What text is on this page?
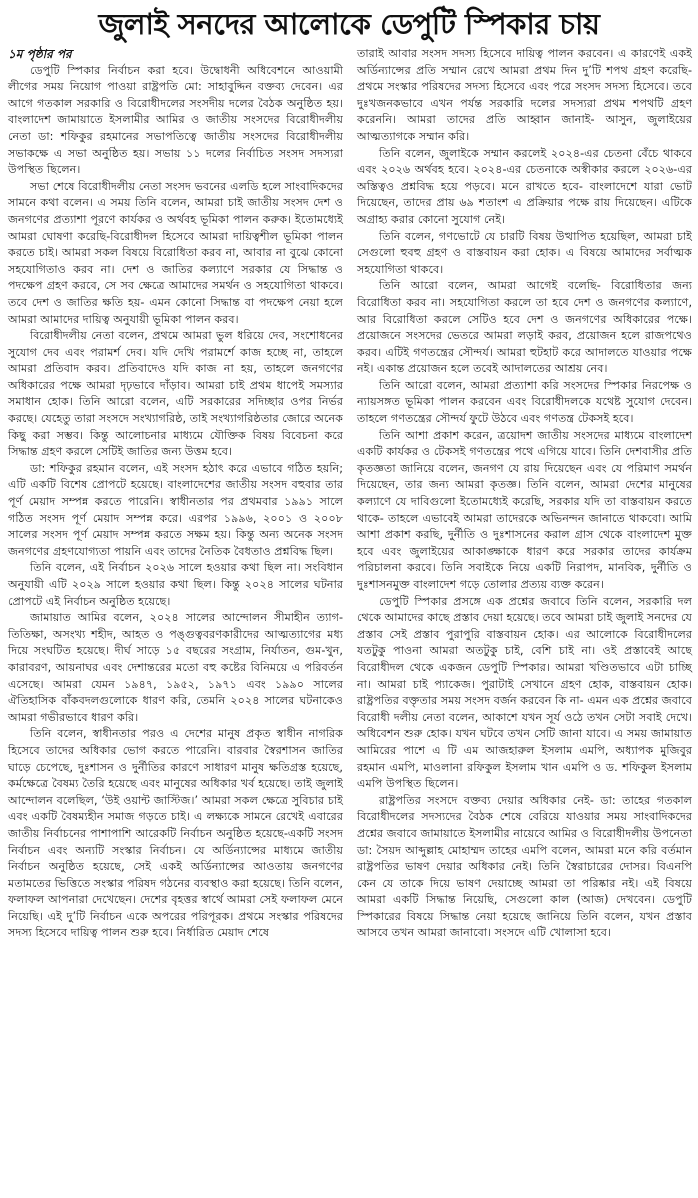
জুলাই সনদের আলোকে ডেপুটি স্পিকার চায়
১ম পৃষ্ঠার পর

ডেপুটি স্পিকার নির্বাচন করা হবে। উদ্বোধনী অধিবেশনে আওয়ামী লীগের সময় নিয়োগ পাওয়া রাষ্ট্রপতি মো: সাহাবুদ্দিন বক্তব্য দেবেন। এর আগে গতকাল সরকারি ও বিরোধীদলের সংসদীয় দলের বৈঠক অনুষ্ঠিত হয়। বাংলাদেশ জামায়াতে ইসলামীর আমির ও জাতীয় সংসদের বিরোধীদলীয় নেতা ডা: শফিকুর রহমানের সভাপতিত্বে জাতীয় সংসদের বিরোধীদলীয় সভাকক্ষে এ সভা অনুষ্ঠিত হয়। সভায় ১১ দলের নির্বাচিত সংসদ সদস্যরা উপস্থিত ছিলেন।

সভা শেষে বিরোধীদলীয় নেতা সংসদ ভবনের এলডি হলে সাংবাদিকদের সামনে কথা বলেন। এ সময় তিনি বলেন, আমরা চাই জাতীয় সংসদ দেশ ও জনগণের প্রত্যাশা পূরণে কার্যকর ও অর্থবহ ভূমিকা পালন করুক। ইতোমধ্যেই আমরা ঘোষণা করেছি-বিরোধীদল হিসেবে আমরা দায়িত্বশীল ভূমিকা পালন করতে চাই। আমরা সকল বিষয়ে বিরোধিতা করব না, আবার না বুঝে কোনো সহযোগিতাও করব না। দেশ ও জাতির কল্যাণে সরকার যে সিদ্ধান্ত ও পদক্ষেপ গ্রহণ করবে, সে সব ক্ষেত্রে আমাদের সমর্থন ও সহযোগিতা থাকবে। তবে দেশ ও জাতির ক্ষতি হয়- এমন কোনো সিদ্ধান্ত বা পদক্ষেপ নেয়া হলে আমরা আমাদের দায়িত্ব অনুযায়ী ভূমিকা পালন করব।

বিরোধীদলীয় নেতা বলেন, প্রথমে আমরা ভুল ধরিয়ে দেব, সংশোধনের সুযোগ দেব এবং পরামর্শ দেব। যদি দেখি পরামর্শে কাজ হচ্ছে না, তাহলে আমরা প্রতিবাদ করব। প্রতিবাদেও যদি কাজ না হয়, তাহলে জনগণের অধিকারের পক্ষে আমরা দৃঢ়ভাবে দাঁড়াব। আমরা চাই প্রথম ধাপেই সমস্যার সমাধান হোক। তিনি আরো বলেন, এটি সরকারের সদিচ্ছার ওপর নির্ভর করছে। যেহেতু তারা সংসদে সংখ্যাগরিষ্ঠ, তাই সংখ্যাগরিষ্ঠতার জোরে অনেক কিছু করা সম্ভব। কিন্তু আলোচনার মাধ্যমে যৌক্তিক বিষয় বিবেচনা করে সিদ্ধান্ত গ্রহণ করলে সেটিই জাতির জন্য উত্তম হবে।

ডা: শফিকুর রহমান বলেন, এই সংসদ হঠাৎ করে এভাবে গঠিত হয়নি; এটি একটি বিশেষ প্রোপটে হয়েছে। বাংলাদেশের জাতীয় সংসদ বহুবার তার পূর্ণ মেয়াদ সম্পন্ন করতে পারেনি। স্বাধীনতার পর প্রথমবার ১৯৯১ সালে গঠিত সংসদ পূর্ণ মেয়াদ সম্পন্ন করে। এরপর ১৯৯৬, ২০০১ ও ২০০৮ সালের সংসদ পূর্ণ মেয়াদ সম্পন্ন করতে সক্ষম হয়। কিন্তু অন্য অনেক সংসদ জনগণের গ্রহণযোগ্যতা পায়নি এবং তাদের নৈতিক বৈধতাও প্রশ্নবিদ্ধ ছিল।

তিনি বলেন, এই নির্বাচন ২০২৬ সালে হওয়ার কথা ছিল না। সংবিধান অনুযায়ী এটি ২০২৯ সালে হওয়ার কথা ছিল। কিন্তু ২০২৪ সালের ঘটনার প্রোপটে এই নির্বাচন অনুষ্ঠিত হয়েছে।

জামায়াত আমির বলেন, ২০২৪ সালের আন্দোলন সীমাহীন ত্যাগ-তিতিক্ষা, অসংখ্য শহীদ, আহত ও পঙ্গুত্ববরণকারীদের আত্মত্যাগের মধ্য দিয়ে সংঘটিত হয়েছে। দীর্ঘ সাড়ে ১৫ বছরের সংগ্রাম, নির্যাতন, গুম-খুন, কারাবরণ, আয়নাঘর এবং দেশান্তরের মতো বহু কষ্টের বিনিময়ে এ পরিবর্তন এসেছে। আমরা যেমন ১৯৪৭, ১৯৫২, ১৯৭১ এবং ১৯৯০ সালের ঐতিহাসিক বাঁকবদলগুলোকে ধারণ করি, তেমনি ২০২৪ সালের ঘটনাকেও আমরা গভীরভাবে ধারণ করি।

তিনি বলেন, স্বাধীনতার পরও এ দেশের মানুষ প্রকৃত স্বাধীন নাগরিক হিসেবে তাদের অধিকার ভোগ করতে পারেনি। বারবার স্বৈরশাসন জাতির ঘাড়ে চেপেছে, দুঃশাসন ও দুর্নীতির কারণে সাধারণ মানুষ ক্ষতিগ্রস্ত হয়েছে, কর্মক্ষেত্রে বৈষম্য তৈরি হয়েছে এবং মানুষের অধিকার খর্ব হয়েছে। তাই জুলাই আন্দোলন বলেছিল, ‘উই ওয়ান্ট জাস্টিজ।’ আমরা সকল ক্ষেত্রে সুবিচার চাই এবং একটি বৈষম্যহীন সমাজ গড়তে চাই। এ লক্ষ্যকে সামনে রেখেই এবারের জাতীয় নির্বাচনের পাশাপাশি আরেকটি নির্বাচন অনুষ্ঠিত হয়েছে-একটি সংসদ নির্বাচন এবং অন্যটি সংস্কার নির্বাচন। যে অর্ডিন্যান্সের মাধ্যমে জাতীয় নির্বাচন অনুষ্ঠিত হয়েছে, সেই একই অর্ডিন্যান্সের আওতায় জনগণের মতামতের ভিত্তিতে সংস্কার পরিষদ গঠনের ব্যবস্থাও করা হয়েছে। তিনি বলেন, ফলাফল আপনারা দেখেছেন। দেশের বৃহত্তর স্বার্থে আমরা সেই ফলাফল মেনে নিয়েছি। এই দু’টি নির্বাচন একে অপরের পরিপূরক। প্রথমে সংস্কার পরিষদের সদস্য হিসেবে দায়িত্ব পালন শুরু হবে। নির্ধারিত মেয়াদ শেষে

তারাই আবার সংসদ সদস্য হিসেবে দায়িত্ব পালন করবেন। এ কারণেই একই অর্ডিন্যান্সের প্রতি সম্মান রেখে আমরা প্রথম দিন দু’টি শপথ গ্রহণ করেছি- প্রথমে সংস্কার পরিষদের সদস্য হিসেবে এবং পরে সংসদ সদস্য হিসেবে। তবে দুঃখজনকভাবে এখন পর্যন্ত সরকারি দলের সদস্যরা প্রথম শপথটি গ্রহণ করেননি। আমরা তাদের প্রতি আহ্বান জানাই- আসুন, জুলাইয়ের আত্মত্যাগকে সম্মান করি।

তিনি বলেন, জুলাইকে সম্মান করলেই ২০২৪-এর চেতনা বেঁচে থাকবে এবং ২০২৬ অর্থবহ হবে। ২০২৪-এর চেতনাকে অস্বীকার করলে ২০২৬-এর অস্তিত্বও প্রশ্নবিদ্ধ হয়ে পড়বে। মনে রাখতে হবে- বাংলাদেশে যারা ভোট দিয়েছেন, তাদের প্রায় ৬৯ শতাংশ এ প্রক্রিয়ার পক্ষে রায় দিয়েছেন। এটিকে অগ্রাহ্য করার কোনো সুযোগ নেই।

তিনি বলেন, গণভোটে যে চারটি বিষয় উত্থাপিত হয়েছিল, আমরা চাই সেগুলো হুবহু গ্রহণ ও বাস্তবায়ন করা হোক। এ বিষয়ে আমাদের সর্বাত্মক সহযোগিতা থাকবে।

তিনি আরো বলেন, আমরা আগেই বলেছি- বিরোধিতার জন্য বিরোধিতা করব না। সহযোগিতা করলে তা হবে দেশ ও জনগণের কল্যাণে, আর বিরোধিতা করলে সেটিও হবে দেশ ও জনগণের অধিকারের পক্ষে। প্রয়োজনে সংসদের ভেতরে আমরা লড়াই করব, প্রয়োজন হলে রাজপথেও করব। এটিই গণতন্ত্রের সৌন্দর্য। আমরা হুটহাট করে আদালতে যাওয়ার পক্ষে নই। একান্ত প্রয়োজন হলে তবেই আদালতের আশ্রয় নেব।

তিনি আরো বলেন, আমরা প্রত্যাশা করি সংসদের স্পিকার নিরপেক্ষ ও ন্যায়সঙ্গত ভূমিকা পালন করবেন এবং বিরোধীদলকে যথেষ্ট সুযোগ দেবেন। তাহলে গণতন্ত্রের সৌন্দর্য ফুটে উঠবে এবং গণতন্ত্র টেকসই হবে।

তিনি আশা প্রকাশ করেন, ত্রয়োদশ জাতীয় সংসদের মাধ্যমে বাংলাদেশ একটি কার্যকর ও টেকসই গণতন্ত্রের পথে এগিয়ে যাবে। তিনি দেশবাসীর প্রতি কৃতজ্ঞতা জানিয়ে বলেন, জনগণ যে রায় দিয়েছেন এবং যে পরিমাণ সমর্থন দিয়েছেন, তার জন্য আমরা কৃতজ্ঞ। তিনি বলেন, আমরা দেশের মানুষের কল্যাণে যে দাবিগুলো ইতোমধ্যেই করেছি, সরকার যদি তা বাস্তবায়ন করতে থাকে- তাহলে এভাবেই আমরা তাদেরকে অভিনন্দন জানাতে থাকবো। আমি আশা প্রকাশ করছি, দুর্নীতি ও দুঃশাসনের করাল গ্রাস থেকে বাংলাদেশ মুক্ত হবে এবং জুলাইয়ের আকাঙ্ক্ষাকে ধারণ করে সরকার তাদের কার্যক্রম পরিচালনা করবে। তিনি সবাইকে নিয়ে একটি নিরাপদ, মানবিক, দুর্নীতি ও দুঃশাসনমুক্ত বাংলাদেশ গড়ে তোলার প্রত্যয় ব্যক্ত করেন।

ডেপুটি স্পিকার প্রসঙ্গে এক প্রশ্নের জবাবে তিনি বলেন, সরকারি দল থেকে আমাদের কাছে প্রস্তাব দেয়া হয়েছে। তবে আমরা চাই জুলাই সনদের যে প্রস্তাব সেই প্রস্তাব পুরাপুরি বাস্তবায়ন হোক। এর আলোকে বিরোধীদলের যতটুকু পাওনা আমরা অতটুকু চাই, বেশি চাই না। ওই প্রস্তাবেই আছে বিরোধীদল থেকে একজন ডেপুটি স্পিকার। আমরা খণ্ডিতভাবে এটা চাচ্ছি না। আমরা চাই প্যাকেজ। পুরাটাই সেখানে গ্রহণ হোক, বাস্তবায়ন হোক। রাষ্ট্রপতির বক্তৃতার সময় সংসদ বর্জন করবেন কি না- এমন এক প্রশ্নের জবাবে বিরোধী দলীয় নেতা বলেন, আকাশে যখন সূর্য ওঠে তখন সেটা সবাই দেখে। অধিবেশন শুরু হোক। যখন ঘটবে তখন সেটি জানা যাবে। এ সময় জামায়াত আমিরের পাশে এ টি এম আজহারুল ইসলাম এমপি, অধ্যাপক মুজিবুর রহমান এমপি, মাওলানা রফিকুল ইসলাম খান এমপি ও ড. শফিকুল ইসলাম এমপি উপস্থিত ছিলেন।

রাষ্ট্রপতির সংসদে বক্তব্য দেয়ার অধিকার নেই- ডা: তাহের গতকাল বিরোধীদলের সদস্যদের বৈঠক শেষে বেরিয়ে যাওয়ার সময় সাংবাদিকদের প্রশ্নের জবাবে জামায়াতে ইসলামীর নায়েবে আমির ও বিরোধীদলীয় উপনেতা ডা: সৈয়দ আব্দুল্লাহ মোহাম্মদ তাহের এমপি বলেন, আমরা মনে করি বর্তমান রাষ্ট্রপতির ভাষণ দেয়ার অধিকার নেই। তিনি স্বৈরাচারের দোসর। বিএনপি কেন যে তাকে দিয়ে ভাষণ দেয়াচ্ছে আমরা তা পরিষ্কার নই। এই বিষয়ে আমরা একটি সিদ্ধান্ত নিয়েছি, সেগুলো কাল (আজ) দেখবেন। ডেপুটি স্পিকারের বিষয়ে সিদ্ধান্ত নেয়া হয়েছে জানিয়ে তিনি বলেন, যখন প্রস্তাব আসবে তখন আমরা জানাবো। সংসদে এটি খোলাসা হবে।
